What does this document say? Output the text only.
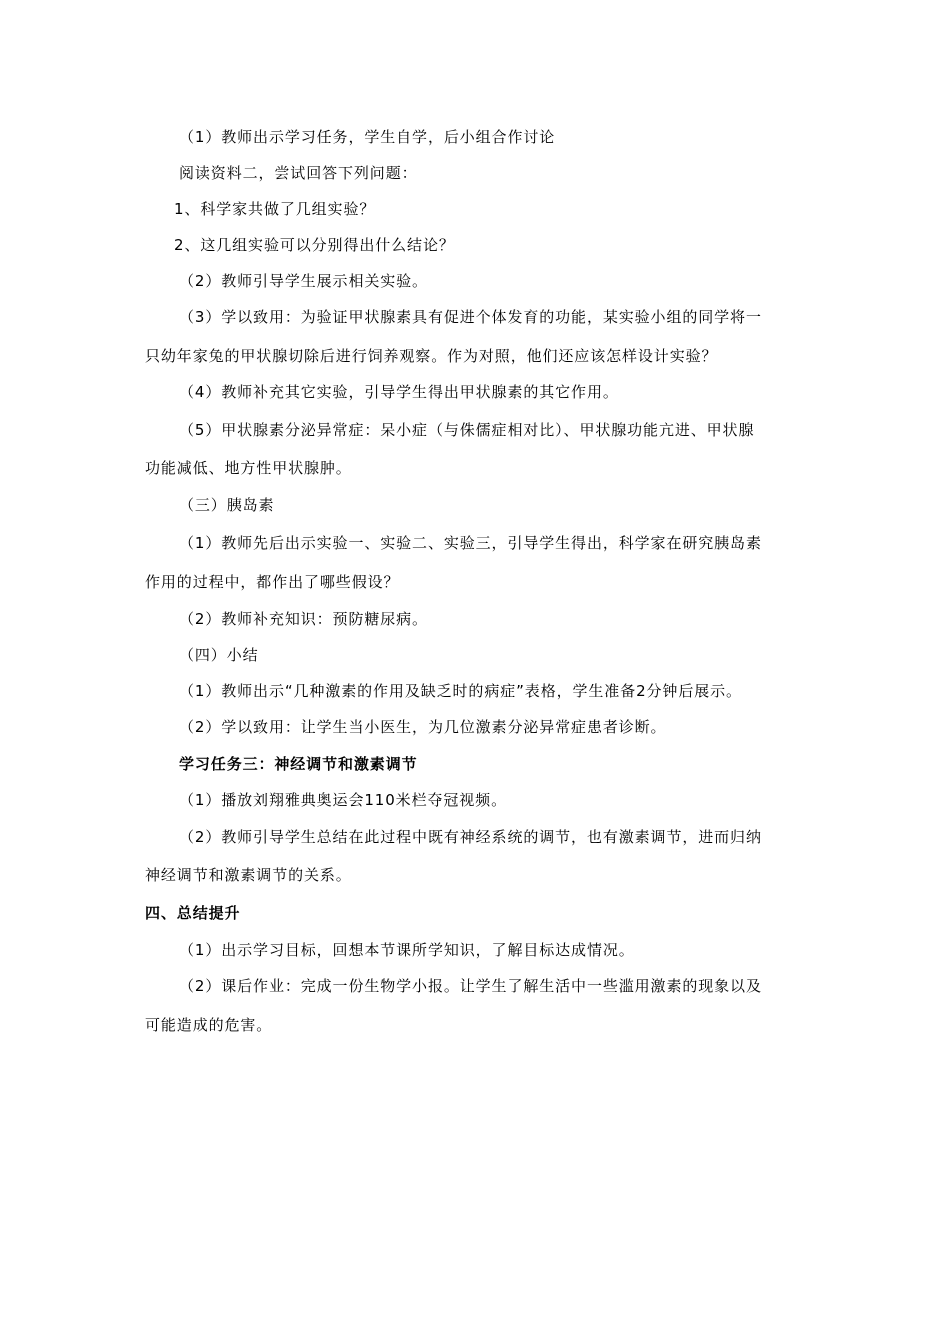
（1）教师出示学习任务，学生自学，后小组合作讨论
阅读资料二，尝试回答下列问题：
1、科学家共做了几组实验？
2、这几组实验可以分别得出什么结论？
（2）教师引导学生展示相关实验。
（3）学以致用：为验证甲状腺素具有促进个体发育的功能，某实验小组的同学将一
只幼年家兔的甲状腺切除后进行饲养观察。作为对照，他们还应该怎样设计实验？
（4）教师补充其它实验，引导学生得出甲状腺素的其它作用。
（5）甲状腺素分泌异常症：呆小症（与侏儒症相对比）、甲状腺功能亢进、甲状腺
功能减低、地方性甲状腺肿。
（三）胰岛素
（1）教师先后出示实验一、实验二、实验三，引导学生得出，科学家在研究胰岛素
作用的过程中，都作出了哪些假设？
（2）教师补充知识：预防糖尿病。
（四）小结
（1）教师出示“几种激素的作用及缺乏时的病症”表格，学生准备2分钟后展示。
（2）学以致用：让学生当小医生，为几位激素分泌异常症患者诊断。
学习任务三：神经调节和激素调节
（1）播放刘翔雅典奥运会110米栏夺冠视频。
（2）教师引导学生总结在此过程中既有神经系统的调节，也有激素调节，进而归纳
神经调节和激素调节的关系。
四、总结提升
（1）出示学习目标，回想本节课所学知识，了解目标达成情况。
（2）课后作业：完成一份生物学小报。让学生了解生活中一些滥用激素的现象以及
可能造成的危害。
